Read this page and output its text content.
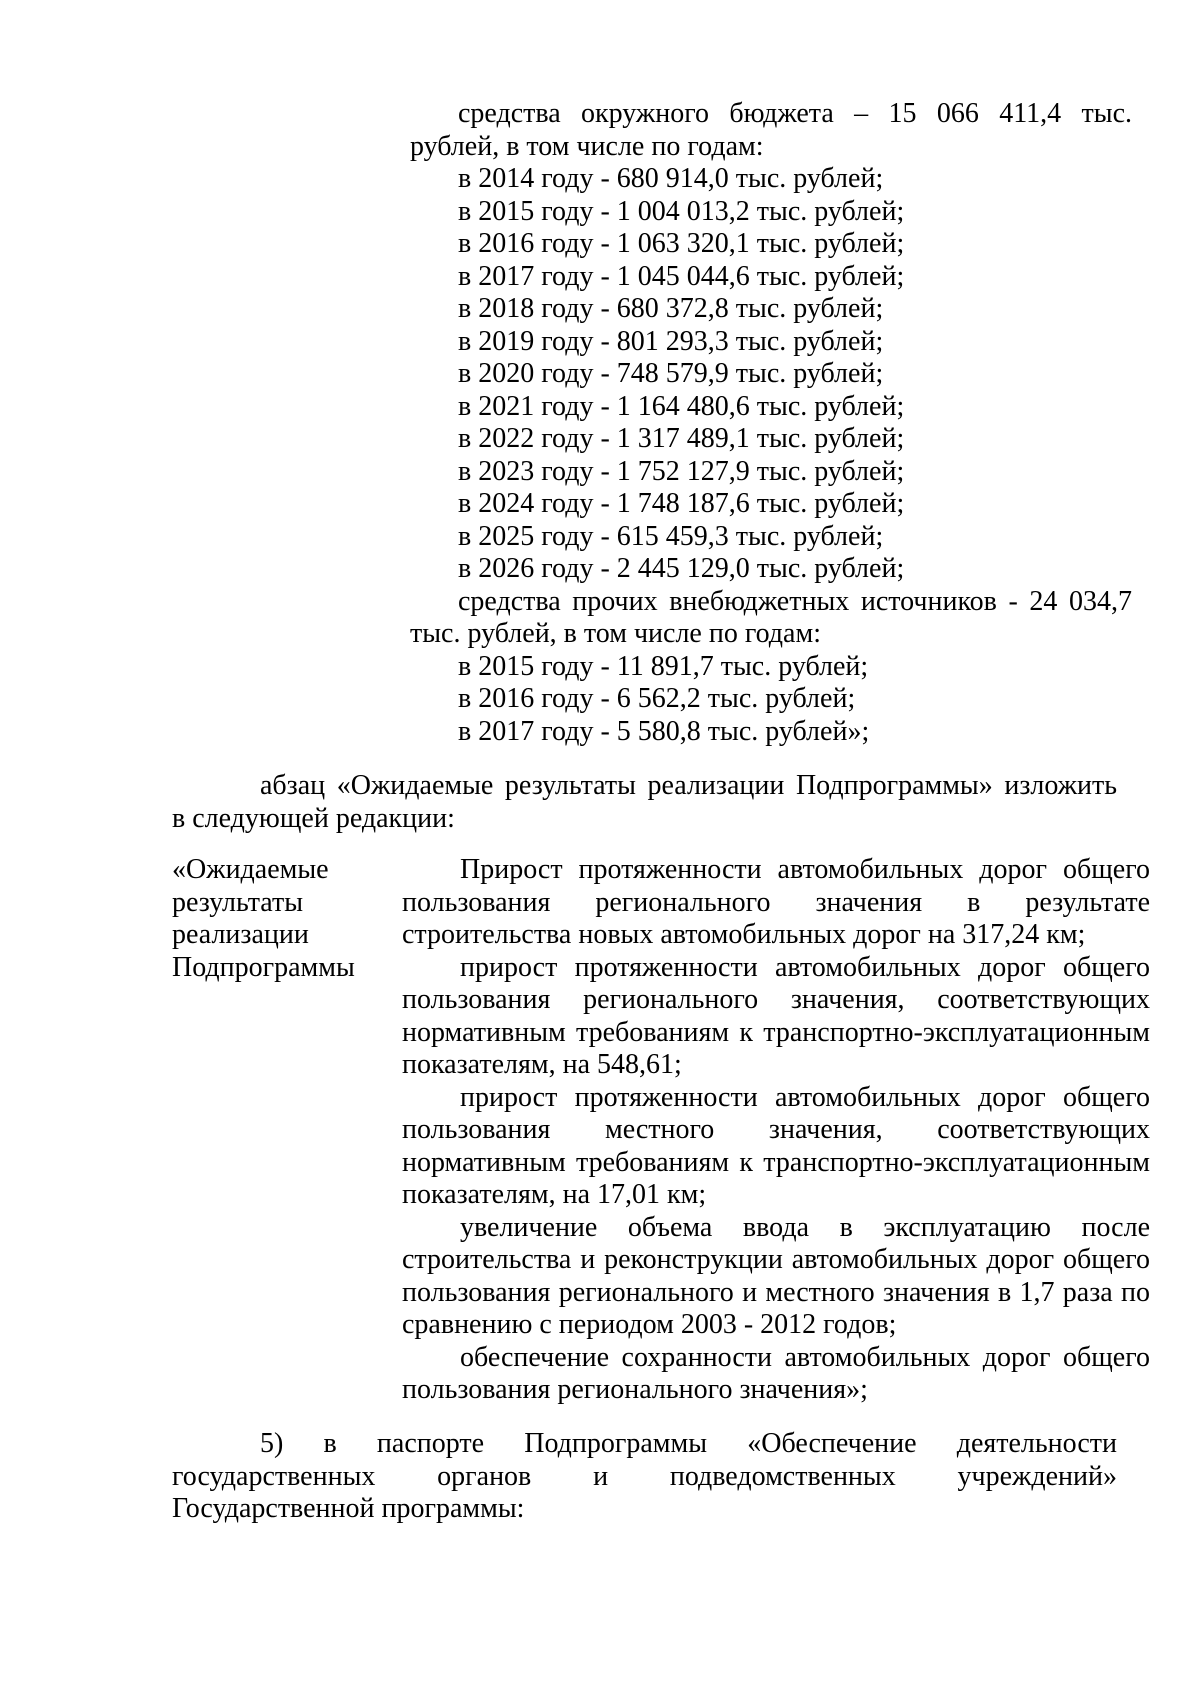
средства окружного бюджета – 15 066 411,4 тыс.
рублей, в том числе по годам:
в 2014 году - 680 914,0 тыс. рублей;
в 2015 году - 1 004 013,2 тыс. рублей;
в 2016 году - 1 063 320,1 тыс. рублей;
в 2017 году - 1 045 044,6 тыс. рублей;
в 2018 году - 680 372,8 тыс. рублей;
в 2019 году - 801 293,3 тыс. рублей;
в 2020 году - 748 579,9 тыс. рублей;
в 2021 году - 1 164 480,6 тыс. рублей;
в 2022 году - 1 317 489,1 тыс. рублей;
в 2023 году - 1 752 127,9 тыс. рублей;
в 2024 году - 1 748 187,6 тыс. рублей;
в 2025 году - 615 459,3 тыс. рублей;
в 2026 году - 2 445 129,0 тыс. рублей;
средства прочих внебюджетных источников - 24 034,7
тыс. рублей, в том числе по годам:
в 2015 году - 11 891,7 тыс. рублей;
в 2016 году - 6 562,2 тыс. рублей;
в 2017 году - 5 580,8 тыс. рублей»;
абзац «Ожидаемые результаты реализации Подпрограммы» изложить
в следующей редакции:
«Ожидаемые
результаты
реализации
Подпрограммы

Прирост протяженности автомобильных дорог общего пользования регионального значения в результате строительства новых автомобильных дорог на 317,24 км;

прирост протяженности автомобильных дорог общего пользования регионального значения, соответствующих нормативным требованиям к транспортно-эксплуатационным показателям, на 548,61;

прирост протяженности автомобильных дорог общего пользования местного значения, соответствующих нормативным требованиям к транспортно-эксплуатационным показателям, на 17,01 км;

увеличение объема ввода в эксплуатацию после строительства и реконструкции автомобильных дорог общего пользования регионального и местного значения в 1,7 раза по сравнению с периодом 2003 - 2012 годов;

обеспечение сохранности автомобильных дорог общего пользования регионального значения»;

5) в паспорте Подпрограммы «Обеспечение деятельности
государственных органов и подведомственных учреждений»
Государственной программы:
